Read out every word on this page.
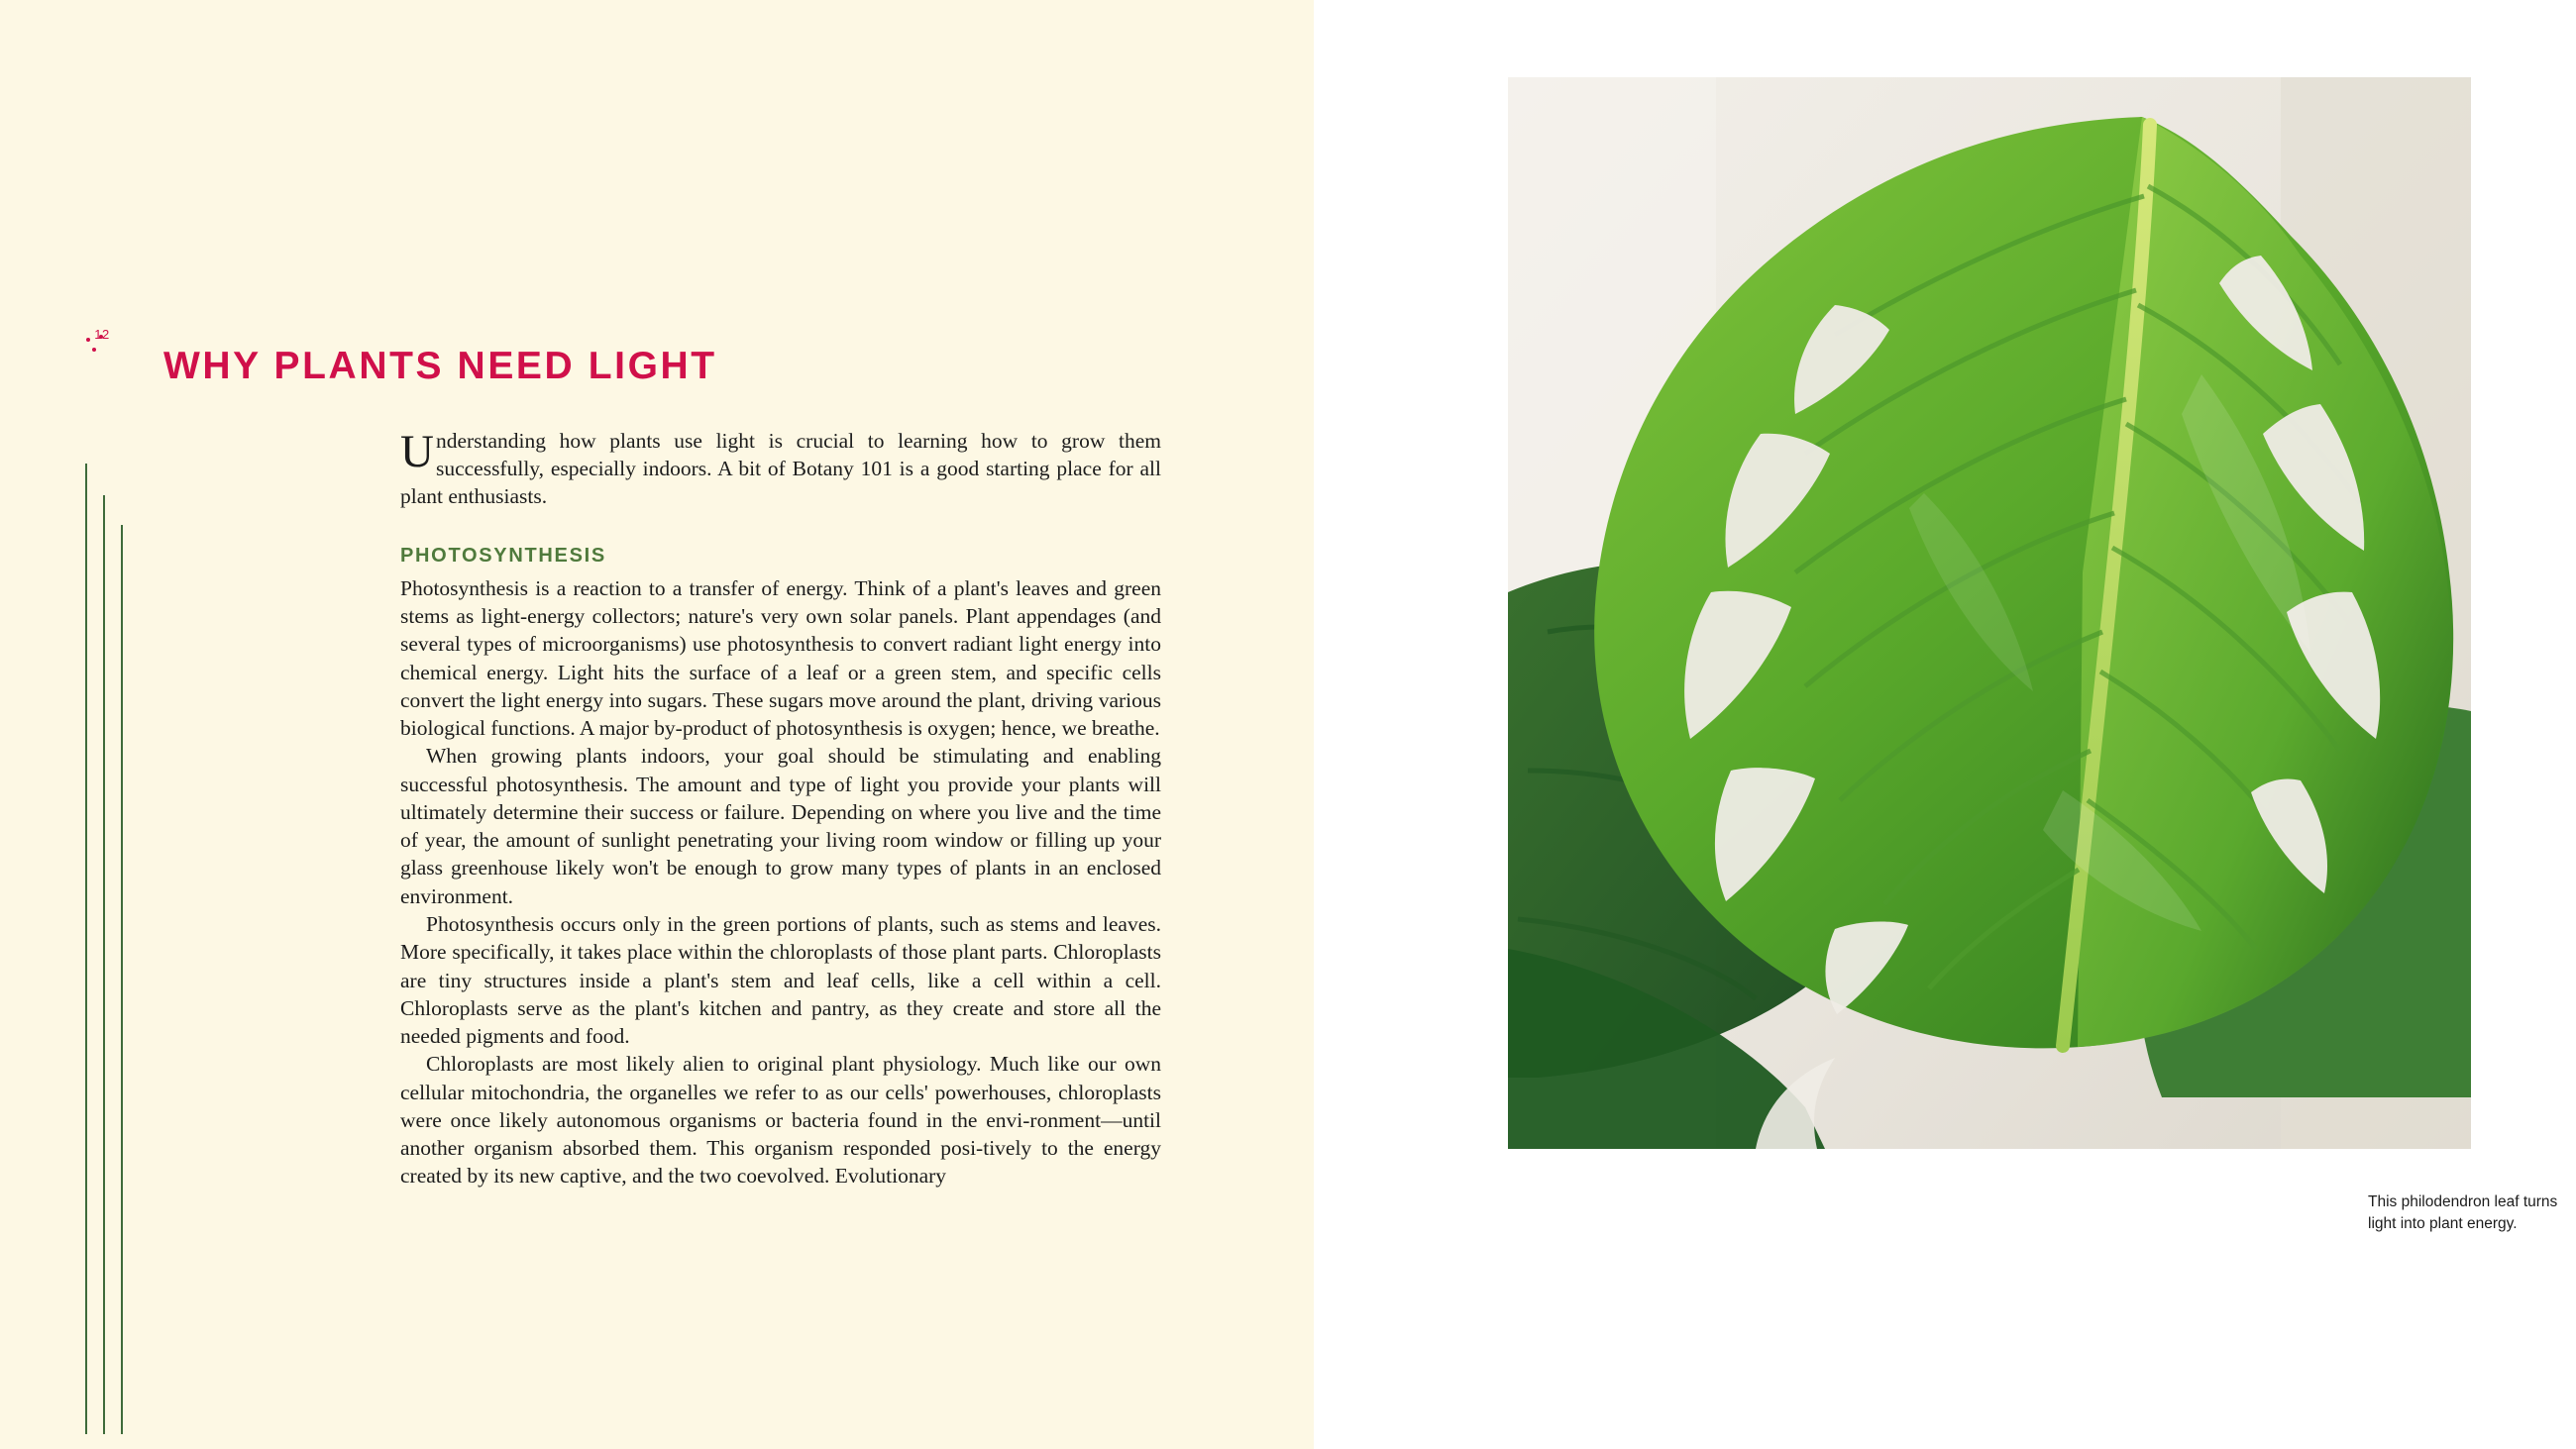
12
WHY PLANTS NEED LIGHT

Understanding how plants use light is crucial to learning how to grow them successfully, especially indoors. A bit of Botany 101 is a good starting place for all plant enthusiasts.

PHOTOSYNTHESIS

Photosynthesis is a reaction to a transfer of energy. Think of a plant's leaves and green stems as light-energy collectors; nature's very own solar panels. Plant appendages (and several types of microorganisms) use photosynthesis to convert radiant light energy into chemical energy. Light hits the surface of a leaf or a green stem, and specific cells convert the light energy into sugars. These sugars move around the plant, driving various biological functions. A major by-product of photosynthesis is oxygen; hence, we breathe.

When growing plants indoors, your goal should be stimulating and enabling successful photosynthesis. The amount and type of light you provide your plants will ultimately determine their success or failure. Depending on where you live and the time of year, the amount of sunlight penetrating your living room window or filling up your glass greenhouse likely won't be enough to grow many types of plants in an enclosed environment.

Photosynthesis occurs only in the green portions of plants, such as stems and leaves. More specifically, it takes place within the chloroplasts of those plant parts. Chloroplasts are tiny structures inside a plant's stem and leaf cells, like a cell within a cell. Chloroplasts serve as the plant's kitchen and pantry, as they create and store all the needed pigments and food.

Chloroplasts are most likely alien to original plant physiology. Much like our own cellular mitochondria, the organelles we refer to as our cells' powerhouses, chloroplasts were once likely autonomous organisms or bacteria found in the envi-ronment—until another organism absorbed them. This organism responded posi-tively to the energy created by its new captive, and the two coevolved. Evolutionary

This philodendron leaf turns light into plant energy.
